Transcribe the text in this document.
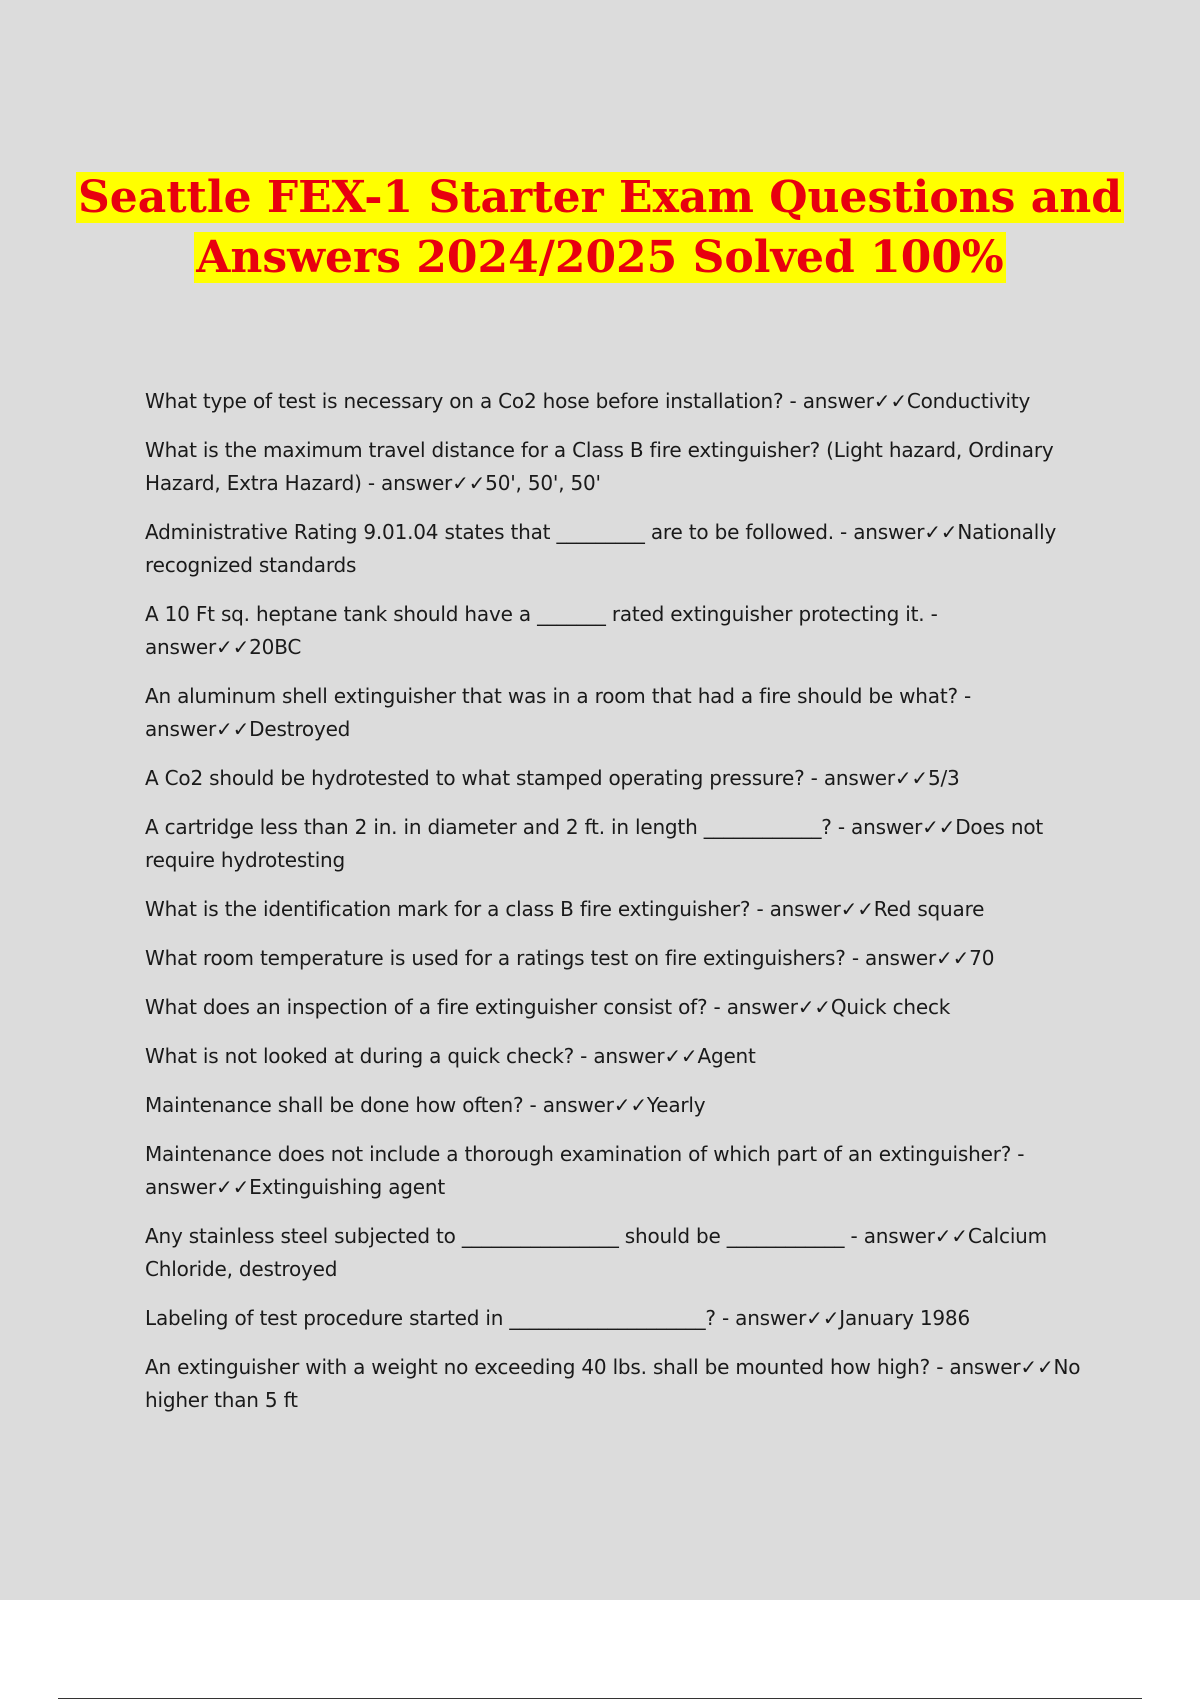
Seattle FEX-1 Starter Exam Questions and
Answers 2024/2025 Solved 100%
What type of test is necessary on a Co2 hose before installation? - answer✓✓Conductivity
What is the maximum travel distance for a Class B fire extinguisher? (Light hazard, Ordinary Hazard, Extra Hazard) - answer✓✓50', 50', 50'
Administrative Rating 9.01.04 states that _________ are to be followed. - answer✓✓Nationally recognized standards
A 10 Ft sq. heptane tank should have a _______ rated extinguisher protecting it. - answer✓✓20BC
An aluminum shell extinguisher that was in a room that had a fire should be what? - answer✓✓Destroyed
A Co2 should be hydrotested to what stamped operating pressure? - answer✓✓5/3
A cartridge less than 2 in. in diameter and 2 ft. in length ____________? - answer✓✓Does not require hydrotesting
What is the identification mark for a class B fire extinguisher? - answer✓✓Red square
What room temperature is used for a ratings test on fire extinguishers? - answer✓✓70
What does an inspection of a fire extinguisher consist of? - answer✓✓Quick check
What is not looked at during a quick check? - answer✓✓Agent
Maintenance shall be done how often? - answer✓✓Yearly
Maintenance does not include a thorough examination of which part of an extinguisher? - answer✓✓Extinguishing agent
Any stainless steel subjected to ________________ should be ____________ - answer✓✓Calcium Chloride, destroyed
Labeling of test procedure started in ____________________? - answer✓✓January 1986
An extinguisher with a weight no exceeding 40 lbs. shall be mounted how high? - answer✓✓No higher than 5 ft
